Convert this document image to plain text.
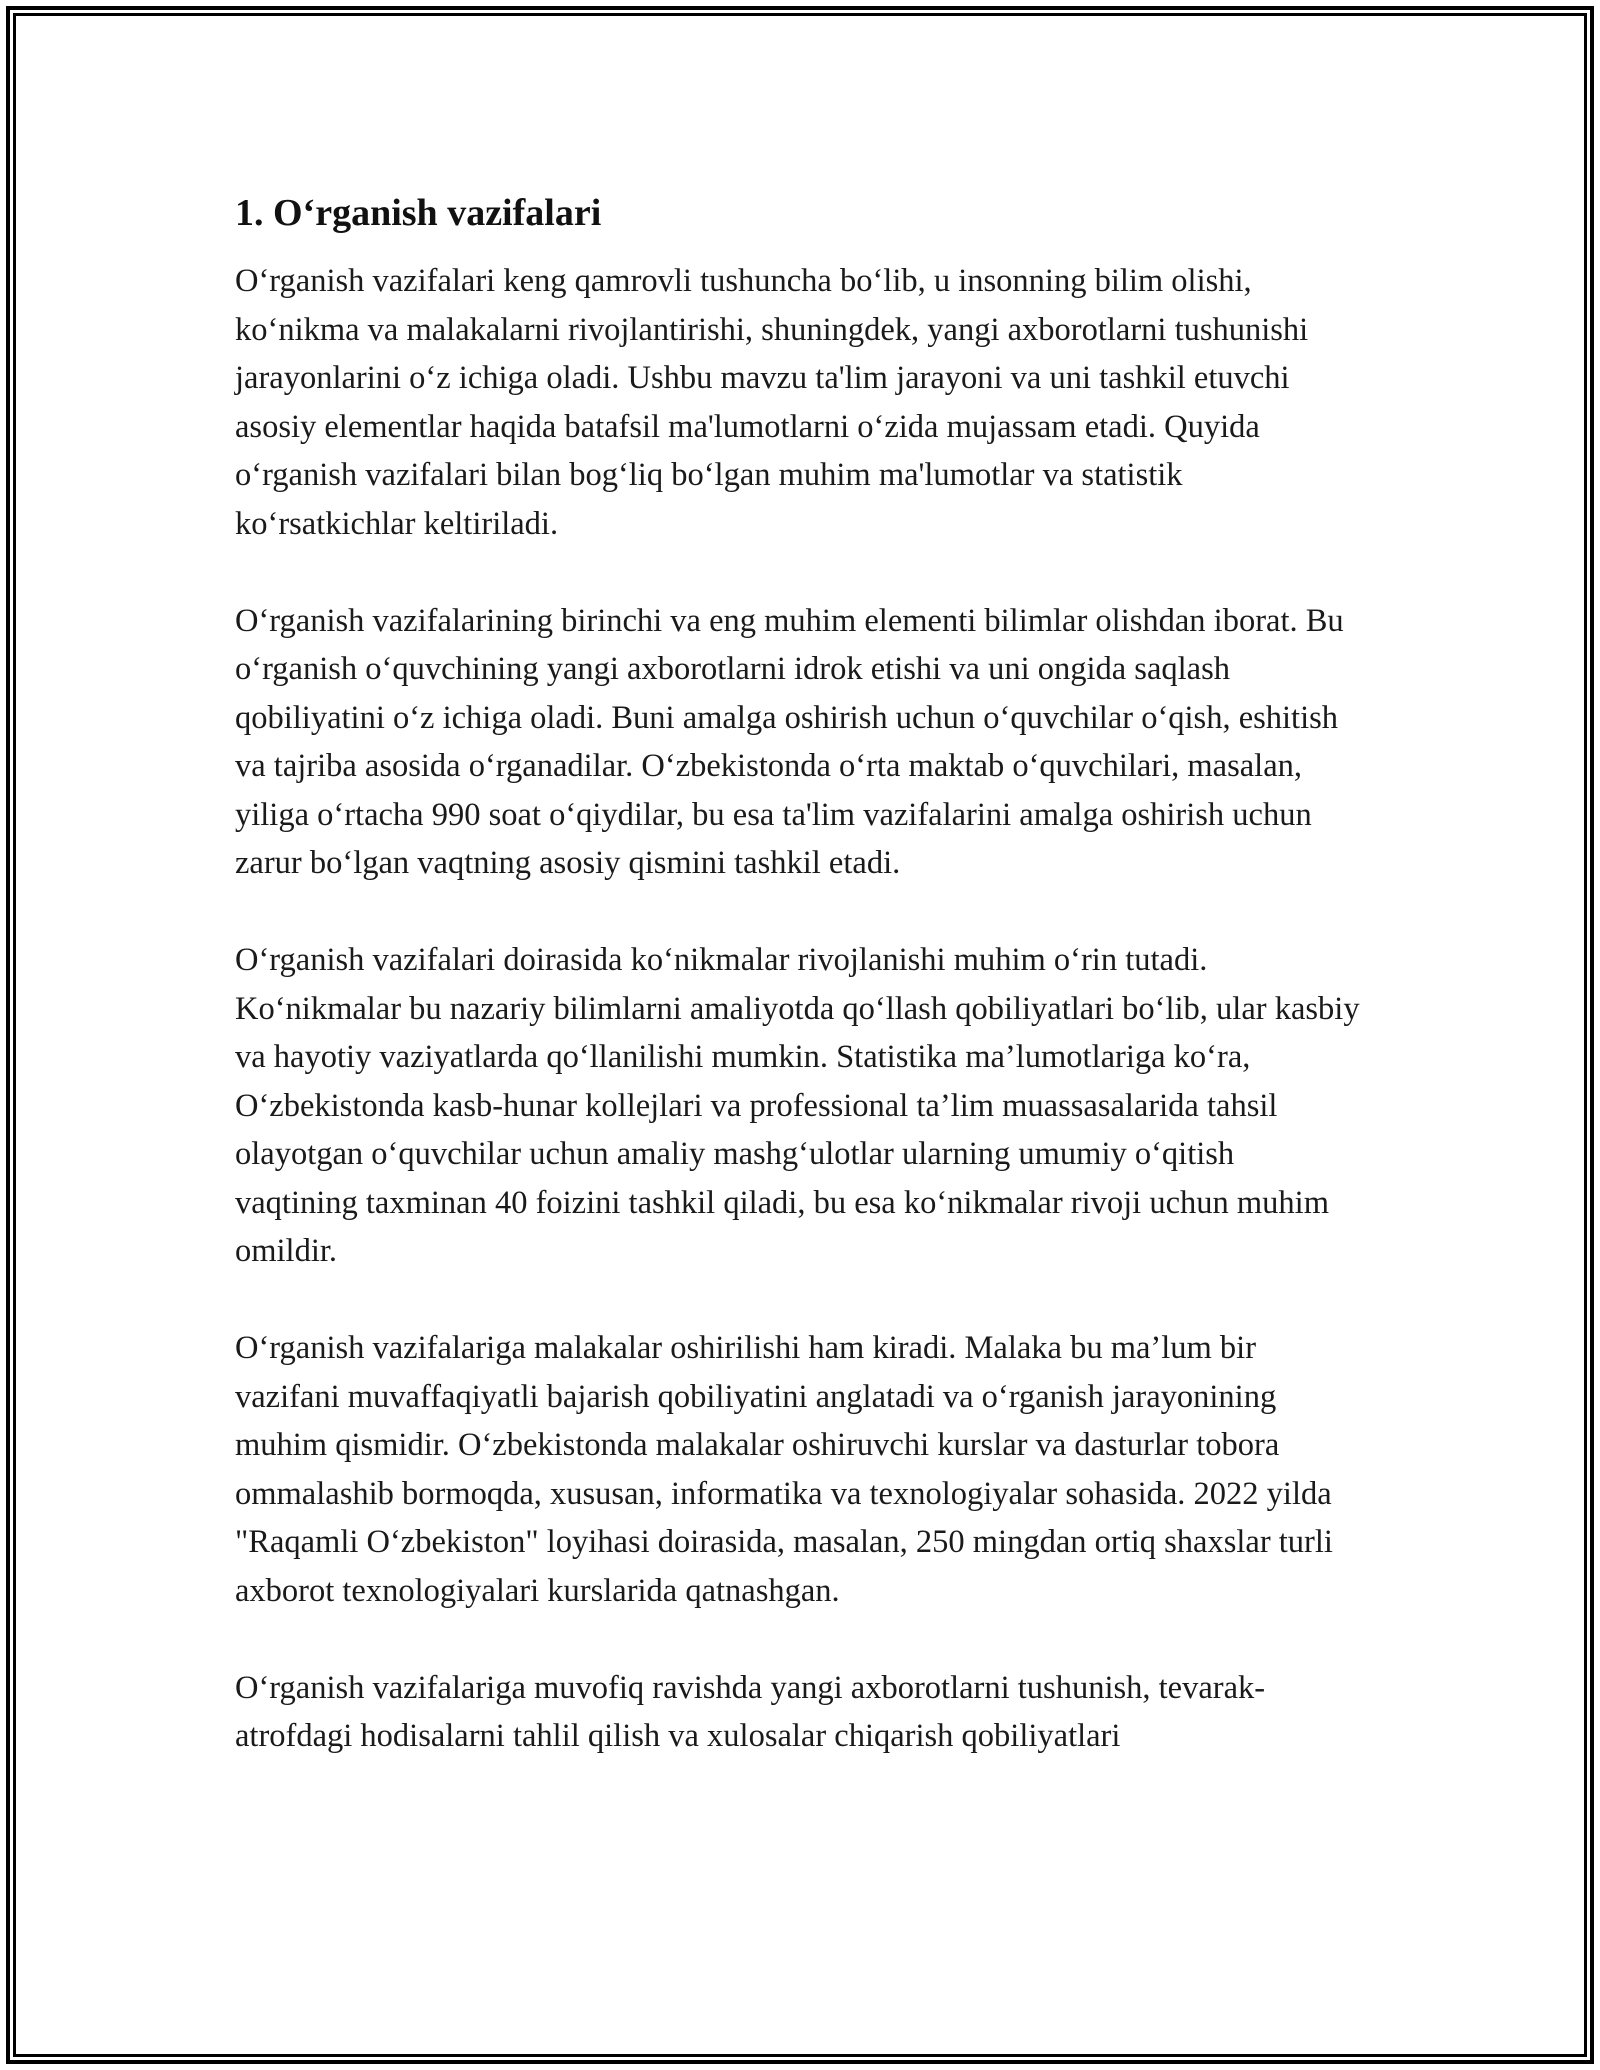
1. O‘rganish vazifalari

O‘rganish vazifalari keng qamrovli tushuncha bo‘lib, u insonning bilim olishi, ko‘nikma va malakalarni rivojlantirishi, shuningdek, yangi axborotlarni tushunishi jarayonlarini o‘z ichiga oladi. Ushbu mavzu ta'lim jarayoni va uni tashkil etuvchi asosiy elementlar haqida batafsil ma'lumotlarni o‘zida mujassam etadi. Quyida o‘rganish vazifalari bilan bog‘liq bo‘lgan muhim ma'lumotlar va statistik ko‘rsatkichlar keltiriladi.

O‘rganish vazifalarining birinchi va eng muhim elementi bilimlar olishdan iborat. Bu o‘rganish o‘quvchining yangi axborotlarni idrok etishi va uni ongida saqlash qobiliyatini o‘z ichiga oladi. Buni amalga oshirish uchun o‘quvchilar o‘qish, eshitish va tajriba asosida o‘rganadilar. O‘zbekistonda o‘rta maktab o‘quvchilari, masalan, yiliga o‘rtacha 990 soat o‘qiydilar, bu esa ta'lim vazifalarini amalga oshirish uchun zarur bo‘lgan vaqtning asosiy qismini tashkil etadi.

O‘rganish vazifalari doirasida ko‘nikmalar rivojlanishi muhim o‘rin tutadi. Ko‘nikmalar bu nazariy bilimlarni amaliyotda qo‘llash qobiliyatlari bo‘lib, ular kasbiy va hayotiy vaziyatlarda qo‘llanilishi mumkin. Statistika ma’lumotlariga ko‘ra, O‘zbekistonda kasb-hunar kollejlari va professional ta’lim muassasalarida tahsil olayotgan o‘quvchilar uchun amaliy mashg‘ulotlar ularning umumiy o‘qitish vaqtining taxminan 40 foizini tashkil qiladi, bu esa ko‘nikmalar rivoji uchun muhim omildir.

O‘rganish vazifalariga malakalar oshirilishi ham kiradi. Malaka bu ma’lum bir vazifani muvaffaqiyatli bajarish qobiliyatini anglatadi va o‘rganish jarayonining muhim qismidir. O‘zbekistonda malakalar oshiruvchi kurslar va dasturlar tobora ommalashib bormoqda, xususan, informatika va texnologiyalar sohasida. 2022 yilda "Raqamli O‘zbekiston" loyihasi doirasida, masalan, 250 mingdan ortiq shaxslar turli axborot texnologiyalari kurslarida qatnashgan.

O‘rganish vazifalariga muvofiq ravishda yangi axborotlarni tushunish, tevarak-atrofdagi hodisalarni tahlil qilish va xulosalar chiqarish qobiliyatlari
